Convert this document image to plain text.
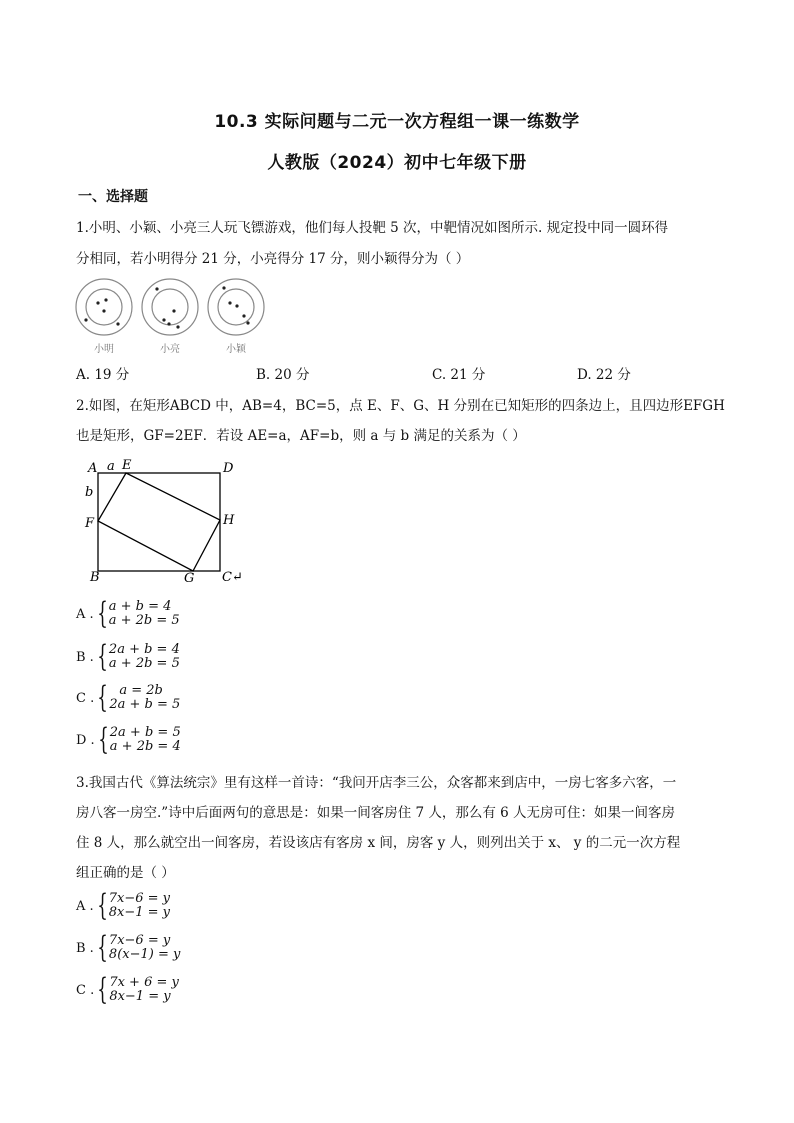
10.3 实际问题与二元一次方程组一课一练数学
人教版（2024）初中七年级下册
一、选择题
1.小明、小颖、小亮三人玩飞镖游戏，他们每人投靶 5 次，中靶情况如图所示. 规定投中同一圆环得
分相同，若小明得分 21 分，小亮得分 17 分，则小颖得分为（ ）
小明	小亮	小颖
A. 19 分	B. 20 分	C. 21 分	D. 22 分
2.如图，在矩形ABCD 中，AB=4，BC=5，点 E、F、G、H 分别在已知矩形的四条边上，且四边形EFGH
也是矩形，GF=2EF．若设 AE=a，AF=b，则 a 与 b 满足的关系为（ ）
A a E	D
b
F	H
B	G C↵
A . { a + b = 4
a + 2b = 5
B . { 2a + b = 4
a + 2b = 5
C . { a = 2b
2a + b = 5
D . { 2a + b = 5
a + 2b = 4
3.我国古代《算法统宗》里有这样一首诗：“我问开店李三公，众客都来到店中，一房七客多六客，一
房八客一房空.”诗中后面两句的意思是：如果一间客房住 7 人，那么有 6 人无房可住：如果一间客房
住 8 人，那么就空出一间客房，若设该店有客房 x 间，房客 y 人，则列出关于 x、 y 的二元一次方程
组正确的是（ ）
A . { 7x−6 = y
8x−1 = y
B . { 7x−6 = y
8(x−1) = y
C . { 7x + 6 = y
8x−1 = y
